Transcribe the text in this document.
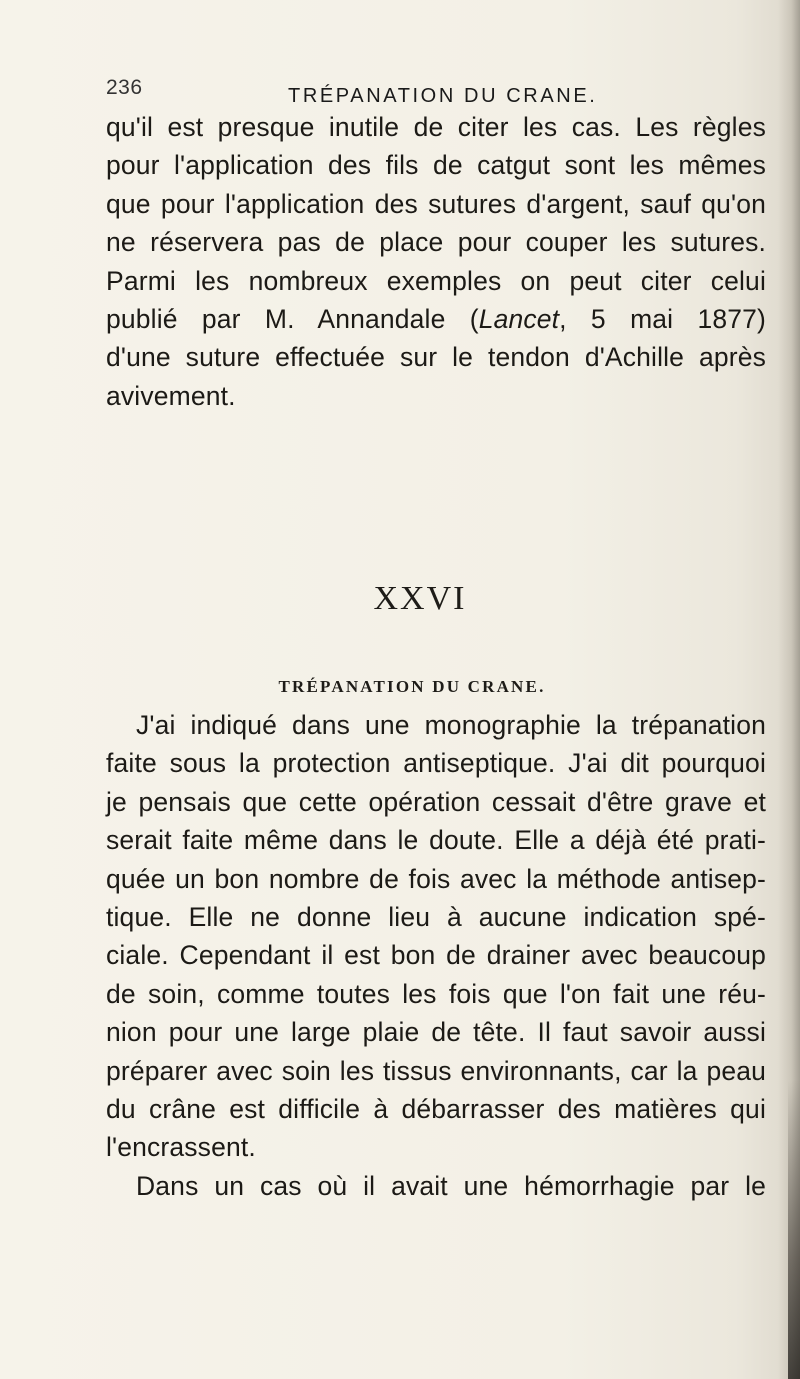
236	TRÉPANATION DU CRANE.
qu'il est presque inutile de citer les cas. Les règles
pour l'application des fils de catgut sont les mêmes
que pour l'application des sutures d'argent, sauf qu'on
ne réservera pas de place pour couper les sutures.
Parmi les nombreux exemples on peut citer celui
publié par M. Annandale (Lancet, 5 mai 1877)
d'une suture effectuée sur le tendon d'Achille après
avivement.
XXVI
TRÉPANATION DU CRANE.
J'ai indiqué dans une monographie la trépanation
faite sous la protection antiseptique. J'ai dit pourquoi
je pensais que cette opération cessait d'être grave et
serait faite même dans le doute. Elle a déjà été prati-
quée un bon nombre de fois avec la méthode antisep-
tique. Elle ne donne lieu à aucune indication spé-
ciale. Cependant il est bon de drainer avec beaucoup
de soin, comme toutes les fois que l'on fait une réu-
nion pour une large plaie de tête. Il faut savoir aussi
préparer avec soin les tissus environnants, car la peau
du crâne est difficile à débarrasser des matières qui
l'encrassent.
Dans un cas où il avait une hémorrhagie par le
